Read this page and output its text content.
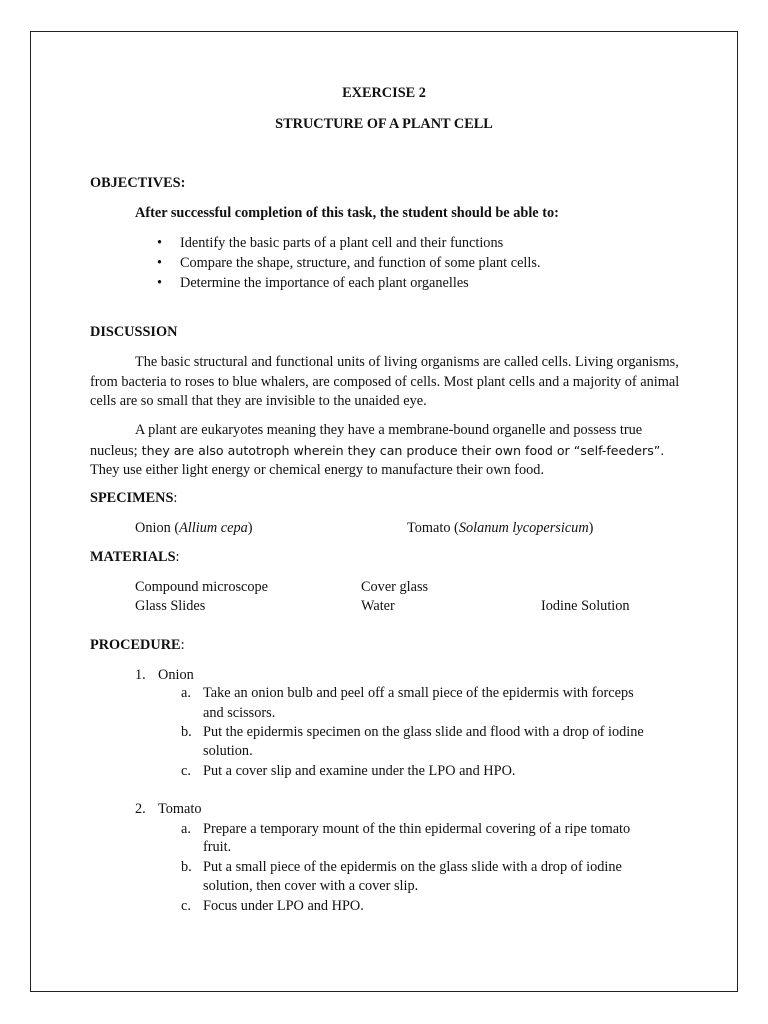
EXERCISE 2
STRUCTURE OF A PLANT CELL
OBJECTIVES:
After successful completion of this task, the student should be able to:
• Identify the basic parts of a plant cell and their functions
• Compare the shape, structure, and function of some plant cells.
• Determine the importance of each plant organelles
DISCUSSION
The basic structural and functional units of living organisms are called cells. Living organisms, from bacteria to roses to blue whalers, are composed of cells. Most plant cells and a majority of animal cells are so small that they are invisible to the unaided eye.
A plant are eukaryotes meaning they have a membrane-bound organelle and possess true nucleus; they are also autotroph wherein they can produce their own food or “self-feeders”. They use either light energy or chemical energy to manufacture their own food.
SPECIMENS:
Onion (Allium cepa)	Tomato (Solanum lycopersicum)
MATERIALS:
Compound microscope	Cover glass
Glass Slides	Water	Iodine Solution
PROCEDURE:
1. Onion
a. Take an onion bulb and peel off a small piece of the epidermis with forceps
and scissors.
b. Put the epidermis specimen on the glass slide and flood with a drop of iodine
solution.
c. Put a cover slip and examine under the LPO and HPO.
2. Tomato
a. Prepare a temporary mount of the thin epidermal covering of a ripe tomato
fruit.
b. Put a small piece of the epidermis on the glass slide with a drop of iodine
solution, then cover with a cover slip.
c. Focus under LPO and HPO.
